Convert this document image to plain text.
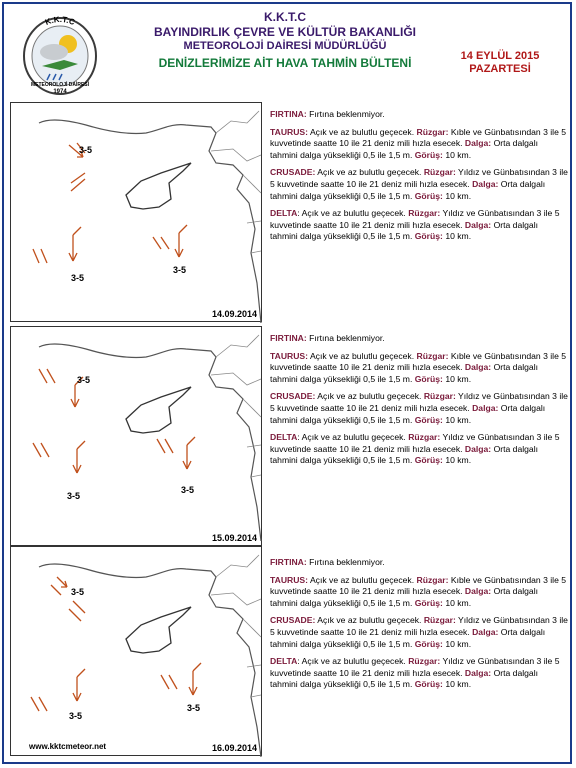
K.K.T.C
METEOROLOJİ DAİRESİ
1974
K.K.T.C
BAYINDIRLIK ÇEVRE VE KÜLTÜR BAKANLIĞI
METEOROLOJİ DAİRESİ MÜDÜRLÜĞÜ
DENİZLERİMİZE AİT HAVA TAHMİN BÜLTENİ	14 EYLÜL 2015
PAZARTESİ
3-5
3-5
3-5
14.09.2014

FIRTINA: Fırtına beklenmiyor.

TAURUS: Açık ve az bulutlu geçecek. Rüzgar: Kıble ve Günbatısından 3 ile 5 kuvvetinde saatte 10 ile 21 deniz mili hızla esecek. Dalga: Orta dalgalı tahmini dalga yüksekliği 0,5 ile 1,5 m. Görüş: 10 km.

CRUSADE: Açık ve az bulutlu geçecek. Rüzgar: Yıldız ve Günbatısından 3 ile 5 kuvvetinde saatte 10 ile 21 deniz mili hızla esecek. Dalga: Orta dalgalı tahmini dalga yüksekliği 0,5 ile 1,5 m. Görüş: 10 km.

DELTA: Açık ve az bulutlu geçecek. Rüzgar: Yıldız ve Günbatısından 3 ile 5 kuvvetinde saatte 10 ile 21 deniz mili hızla esecek. Dalga: Orta dalgalı tahmini dalga yüksekliği 0,5 ile 1,5 m. Görüş: 10 km.

3-5
3-5
3-5
15.09.2014

FIRTINA: Fırtına beklenmiyor.

TAURUS: Açık ve az bulutlu geçecek. Rüzgar: Kıble ve Günbatısından 3 ile 5 kuvvetinde saatte 10 ile 21 deniz mili hızla esecek. Dalga: Orta dalgalı tahmini dalga yüksekliği 0,5 ile 1,5 m. Görüş: 10 km.

CRUSADE: Açık ve az bulutlu geçecek. Rüzgar: Yıldız ve Günbatısından 3 ile 5 kuvvetinde saatte 10 ile 21 deniz mili hızla esecek. Dalga: Orta dalgalı tahmini dalga yüksekliği 0,5 ile 1,5 m. Görüş: 10 km.

DELTA: Açık ve az bulutlu geçecek. Rüzgar: Yıldız ve Günbatısından 3 ile 5 kuvvetinde saatte 10 ile 21 deniz mili hızla esecek. Dalga: Orta dalgalı tahmini dalga yüksekliği 0,5 ile 1,5 m. Görüş: 10 km.

3-5
3-5
3-5
www.kktcmeteor.net	16.09.2014

FIRTINA: Fırtına beklenmiyor.

TAURUS: Açık ve az bulutlu geçecek. Rüzgar: Kıble ve Günbatısından 3 ile 5 kuvvetinde saatte 10 ile 21 deniz mili hızla esecek. Dalga: Orta dalgalı tahmini dalga yüksekliği 0,5 ile 1,5 m. Görüş: 10 km.

CRUSADE: Açık ve az bulutlu geçecek. Rüzgar: Yıldız ve Günbatısından 3 ile 5 kuvvetinde saatte 10 ile 21 deniz mili hızla esecek. Dalga: Orta dalgalı tahmini dalga yüksekliği 0,5 ile 1,5 m. Görüş: 10 km.

DELTA: Açık ve az bulutlu geçecek. Rüzgar: Yıldız ve Günbatısından 3 ile 5 kuvvetinde saatte 10 ile 21 deniz mili hızla esecek. Dalga: Orta dalgalı tahmini dalga yüksekliği 0,5 ile 1,5 m. Görüş: 10 km.
